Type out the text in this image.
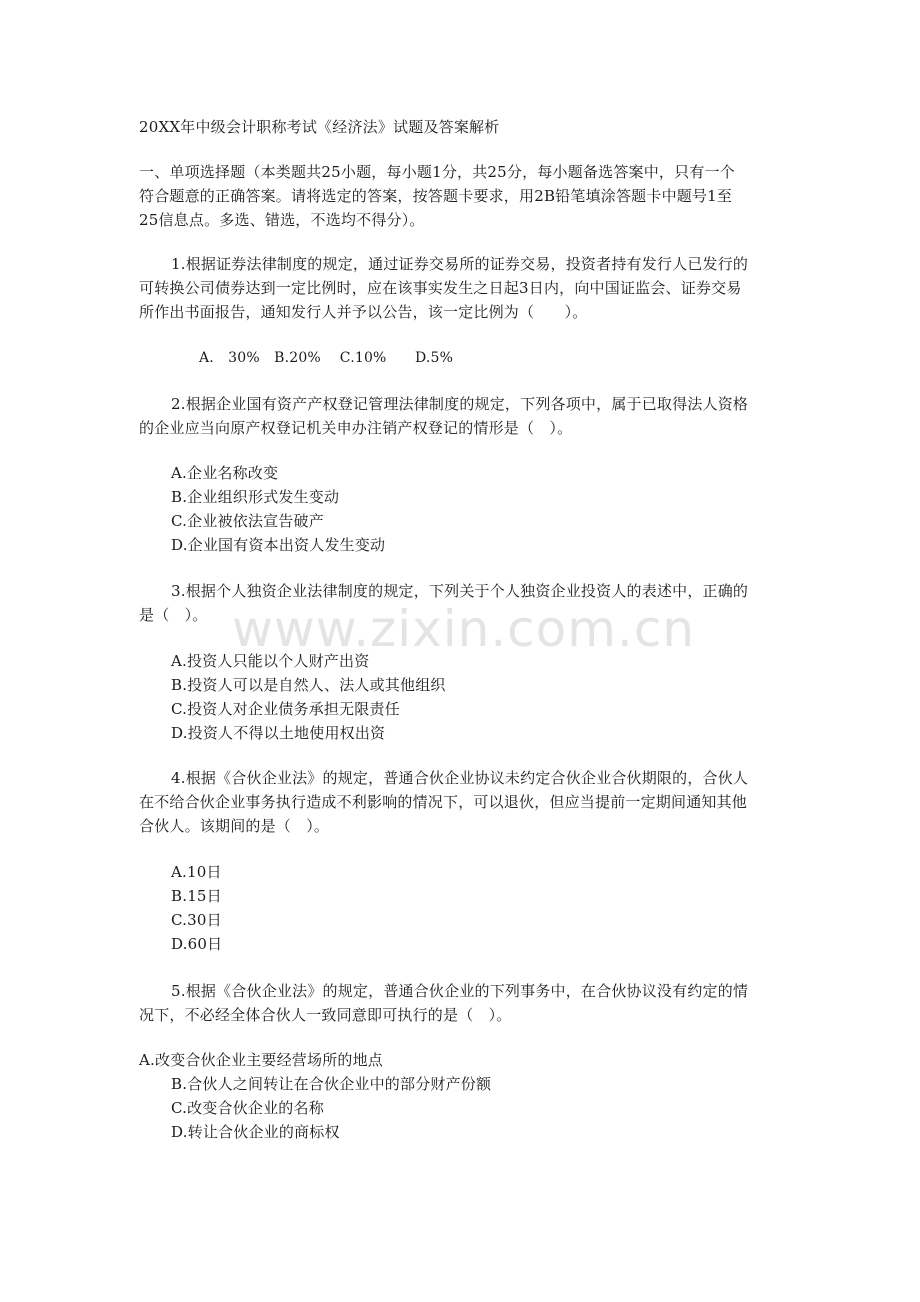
20XX年中级会计职称考试《经济法》试题及答案解析
一、单项选择题（本类题共25小题，每小题1分，共25分，每小题备选答案中，只有一个
符合题意的正确答案。请将选定的答案，按答题卡要求，用2B铅笔填涂答题卡中题号1至
25信息点。多选、错选，不选均不得分）。
1.根据证券法律制度的规定，通过证券交易所的证券交易，投资者持有发行人已发行的
可转换公司债券达到一定比例时，应在该事实发生之日起3日内，向中国证监会、证券交易
所作出书面报告，通知发行人并予以公告，该一定比例为（　　）。
A.　30%　B.20%　 C.10%　　D.5%
2.根据企业国有资产产权登记管理法律制度的规定，下列各项中，属于已取得法人资格
的企业应当向原产权登记机关申办注销产权登记的情形是（　）。
A.企业名称改变
B.企业组织形式发生变动
C.企业被依法宣告破产
D.企业国有资本出资人发生变动
3.根据个人独资企业法律制度的规定，下列关于个人独资企业投资人的表述中，正确的
是（　）。
A.投资人只能以个人财产出资
B.投资人可以是自然人、法人或其他组织
C.投资人对企业债务承担无限责任
D.投资人不得以土地使用权出资
4.根据《合伙企业法》的规定，普通合伙企业协议未约定合伙企业合伙期限的，合伙人
在不给合伙企业事务执行造成不利影响的情况下，可以退伙，但应当提前一定期间通知其他
合伙人。该期间的是（　）。
A.10日
B.15日
C.30日
D.60日
5.根据《合伙企业法》的规定，普通合伙企业的下列事务中，在合伙协议没有约定的情
况下，不必经全体合伙人一致同意即可执行的是（　）。
A.改变合伙企业主要经营场所的地点
B.合伙人之间转让在合伙企业中的部分财产份额
C.改变合伙企业的名称
D.转让合伙企业的商标权
www.zixin.com.cn
